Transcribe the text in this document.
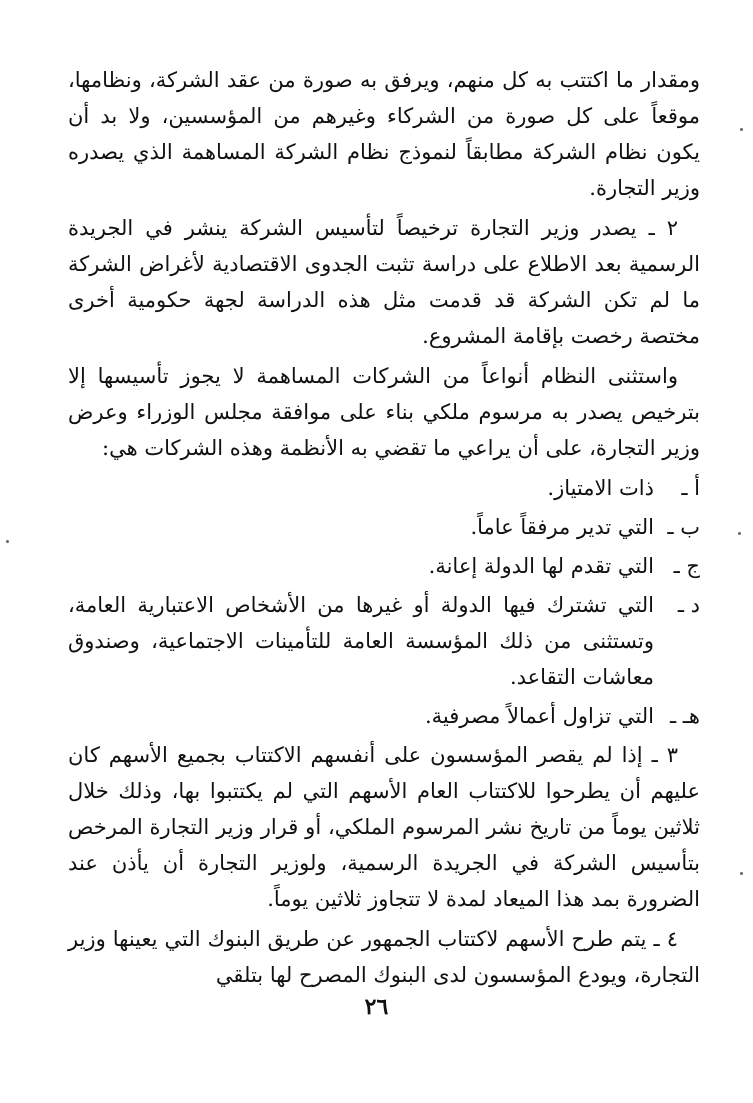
ومقدار ما اكتتب به كل منهم، ويرفق به صورة من عقد الشركة، ونظامها، موقعاً على كل صورة من الشركاء وغيرهم من المؤسسين، ولا بد أن يكون نظام الشركة مطابقاً لنموذج نظام الشركة المساهمة الذي يصدره وزير التجارة.

٢ ـ يصدر وزير التجارة ترخيصاً لتأسيس الشركة ينشر في الجريدة الرسمية بعد الاطلاع على دراسة تثبت الجدوى الاقتصادية لأغراض الشركة ما لم تكن الشركة قد قدمت مثل هذه الدراسة لجهة حكومية أخرى مختصة رخصت بإقامة المشروع.

واستثنى النظام أنواعاً من الشركات المساهمة لا يجوز تأسيسها إلا بترخيص يصدر به مرسوم ملكي بناء على موافقة مجلس الوزراء وعرض وزير التجارة، على أن يراعي ما تقضي به الأنظمة وهذه الشركات هي:

أ ـ
ذات الامتياز.
ب ـ
التي تدير مرفقاً عاماً.
ج ـ
التي تقدم لها الدولة إعانة.
د ـ
التي تشترك فيها الدولة أو غيرها من الأشخاص الاعتبارية العامة، وتستثنى من ذلك المؤسسة العامة للتأمينات الاجتماعية، وصندوق معاشات التقاعد.
هـ ـ
التي تزاول أعمالاً مصرفية.

٣ ـ إذا لم يقصر المؤسسون على أنفسهم الاكتتاب بجميع الأسهم كان عليهم أن يطرحوا للاكتتاب العام الأسهم التي لم يكتتبوا بها، وذلك خلال ثلاثين يوماً من تاريخ نشر المرسوم الملكي، أو قرار وزير التجارة المرخص بتأسيس الشركة في الجريدة الرسمية، ولوزير التجارة أن يأذن عند الضرورة بمد هذا الميعاد لمدة لا تتجاوز ثلاثين يوماً.

٤ ـ يتم طرح الأسهم لاكتتاب الجمهور عن طريق البنوك التي يعينها وزير التجارة، ويودع المؤسسون لدى البنوك المصرح لها بتلقي

٢٦
